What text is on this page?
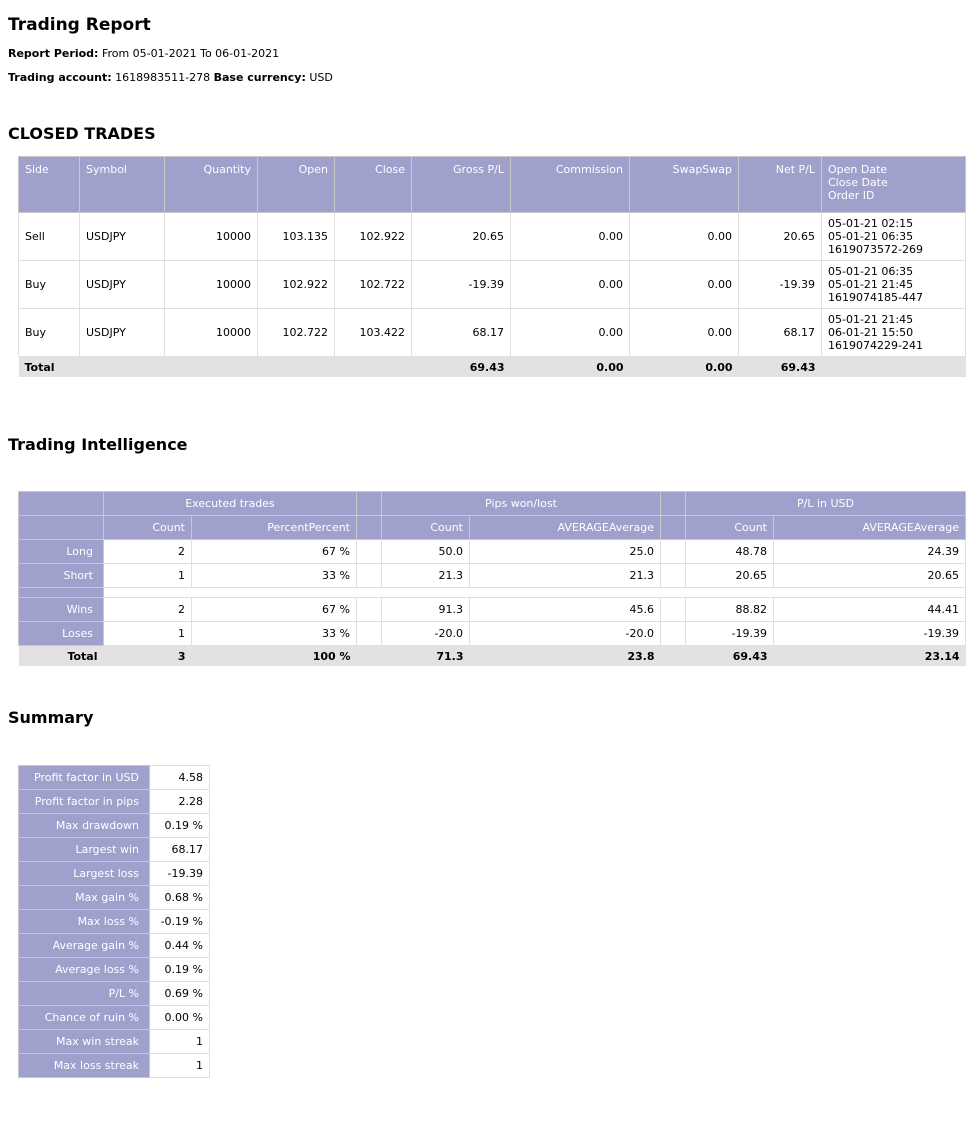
Trading Report
Report Period: From 05-01-2021 To 06-01-2021
Trading account: 1618983511-278 Base currency: USD
CLOSED TRADES
Side	Symbol	Quantity	Open	Close	Gross P/L	Commission	SwapSwap	Net P/L	Open Date
Close Date
Order ID

Sell	USDJPY	10000	103.135	102.922	20.65	0.00	0.00	20.65	05-01-21 02:15
05-01-21 06:35
1619073572-269

Buy	USDJPY	10000	102.922	102.722	-19.39	0.00	0.00	-19.39	05-01-21 06:35
05-01-21 21:45
1619074185-447

Buy	USDJPY	10000	102.722	103.422	68.17	0.00	0.00	68.17	05-01-21 21:45
06-01-21 15:50
1619074229-241

Total					69.43	0.00	0.00	69.43	
Trading Intelligence
	Executed trades			Pips won/lost			P/L in USD	
	Count	PercentPercent		Count	AVERAGEAverage		Count	AVERAGEAverage
Long	2	67 %		50.0	25.0		48.78	24.39
Short	1	33 %		21.3	21.3		20.65	20.65

Wins	2	67 %		91.3	45.6		88.82	44.41
Loses	1	33 %		-20.0	-20.0		-19.39	-19.39
Total	3	100 %		71.3	23.8		69.43	23.14
Summary
Profit factor in USD	4.58
Profit factor in pips	2.28
Max drawdown	0.19 %
Largest win	68.17
Largest loss	-19.39
Max gain %	0.68 %
Max loss %	-0.19 %
Average gain %	0.44 %
Average loss %	0.19 %
P/L %	0.69 %
Chance of ruin %	0.00 %
Max win streak	1
Max loss streak	1
